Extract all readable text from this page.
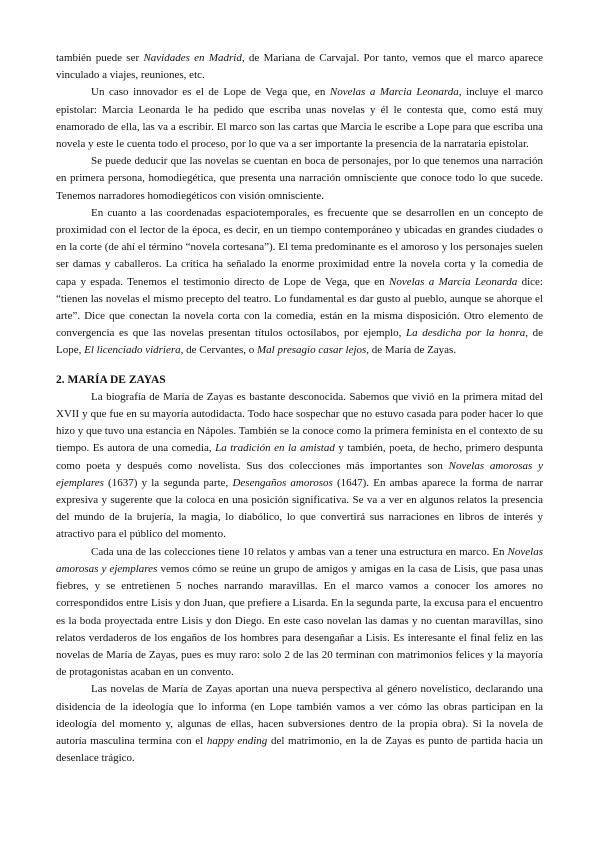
también puede ser Navidades en Madrid, de Mariana de Carvajal. Por tanto, vemos que el marco aparece vinculado a viajes, reuniones, etc.

Un caso innovador es el de Lope de Vega que, en Novelas a Marcia Leonarda, incluye el marco epistolar: Marcia Leonarda le ha pedido que escriba unas novelas y él le contesta que, como está muy enamorado de ella, las va a escribir. El marco son las cartas que Marcia le escribe a Lope para que escriba una novela y este le cuenta todo el proceso, por lo que va a ser importante la presencia de la narrataria epistolar.

Se puede deducir que las novelas se cuentan en boca de personajes, por lo que tenemos una narración en primera persona, homodiegética, que presenta una narración omnisciente que conoce todo lo que sucede. Tenemos narradores homodiegéticos con visión omnisciente.

En cuanto a las coordenadas espaciotemporales, es frecuente que se desarrollen en un concepto de proximidad con el lector de la época, es decir, en un tiempo contemporáneo y ubicadas en grandes ciudades o en la corte (de ahí el término “novela cortesana”). El tema predominante es el amoroso y los personajes suelen ser damas y caballeros. La crítica ha señalado la enorme proximidad entre la novela corta y la comedia de capa y espada. Tenemos el testimonio directo de Lope de Vega, que en Novelas a Marcia Leonarda dice: “tienen las novelas el mismo precepto del teatro. Lo fundamental es dar gusto al pueblo, aunque se ahorque el arte”. Dice que conectan la novela corta con la comedia, están en la misma disposición. Otro elemento de convergencia es que las novelas presentan títulos octosílabos, por ejemplo, La desdicha por la honra, de Lope, El licenciado vidriera, de Cervantes, o Mal presagio casar lejos, de María de Zayas.

2. MARÍA DE ZAYAS

La biografía de María de Zayas es bastante desconocida. Sabemos que vivió en la primera mitad del XVII y que fue en su mayoría autodidacta. Todo hace sospechar que no estuvo casada para poder hacer lo que hizo y que tuvo una estancia en Nápoles. También se la conoce como la primera feminista en el contexto de su tiempo. Es autora de una comedia, La tradición en la amistad y también, poeta, de hecho, primero despunta como poeta y después como novelista. Sus dos colecciones más importantes son Novelas amorosas y ejemplares (1637) y la segunda parte, Desengaños amorosos (1647). En ambas aparece la forma de narrar expresiva y sugerente que la coloca en una posición significativa. Se va a ver en algunos relatos la presencia del mundo de la brujería, la magia, lo diabólico, lo que convertirá sus narraciones en libros de interés y atractivo para el público del momento.

Cada una de las colecciones tiene 10 relatos y ambas van a tener una estructura en marco. En Novelas amorosas y ejemplares vemos cómo se reúne un grupo de amigos y amigas en la casa de Lisis, que pasa unas fiebres, y se entretienen 5 noches narrando maravillas. En el marco vamos a conocer los amores no correspondidos entre Lisis y don Juan, que prefiere a Lisarda. En la segunda parte, la excusa para el encuentro es la boda proyectada entre Lisis y don Diego. En este caso novelan las damas y no cuentan maravillas, sino relatos verdaderos de los engaños de los hombres para desengañar a Lisis. Es interesante el final feliz en las novelas de María de Zayas, pues es muy raro: solo 2 de las 20 terminan con matrimonios felices y la mayoría de protagonistas acaban en un convento.

Las novelas de María de Zayas aportan una nueva perspectiva al género novelístico, declarando una disidencia de la ideología que lo informa (en Lope también vamos a ver cómo las obras participan en la ideología del momento y, algunas de ellas, hacen subversiones dentro de la propia obra). Si la novela de autoría masculina termina con el happy ending del matrimonio, en la de Zayas es punto de partida hacia un desenlace trágico.
